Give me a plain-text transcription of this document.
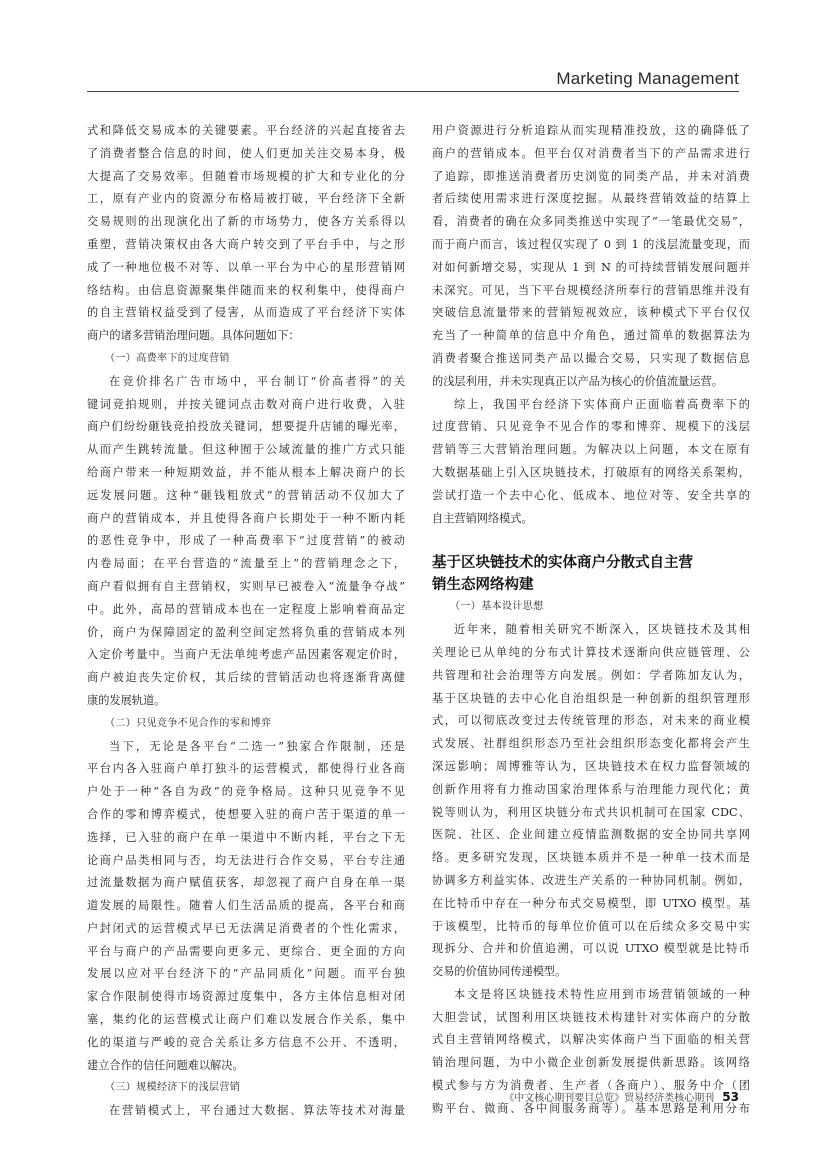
Marketing Management
式和降低交易成本的关键要素。平台经济的兴起直接省去
了消费者整合信息的时间，使人们更加关注交易本身，极
大提高了交易效率。但随着市场规模的扩大和专业化的分
工，原有产业内的资源分布格局被打破，平台经济下全新
交易规则的出现演化出了新的市场势力，使各方关系得以
重塑，营销决策权由各大商户转交到了平台手中，与之形
成了一种地位极不对等、以单一平台为中心的星形营销网
络结构。由信息资源聚集伴随而来的权利集中，使得商户
的自主营销权益受到了侵害，从而造成了平台经济下实体
商户的诸多营销治理问题。具体问题如下：
（一）高费率下的过度营销
在竞价排名广告市场中，平台制订“价高者得”的关
键词竞拍规则，并按关键词点击数对商户进行收费，入驻
商户们纷纷砸钱竞拍投放关键词，想要提升店铺的曝光率，
从而产生跳转流量。但这种囿于公域流量的推广方式只能
给商户带来一种短期效益，并不能从根本上解决商户的长
远发展问题。这种“砸钱粗放式”的营销活动不仅加大了
商户的营销成本，并且使得各商户长期处于一种不断内耗
的恶性竞争中，形成了一种高费率下“过度营销”的被动
内卷局面；在平台营造的“流量至上”的营销理念之下，
商户看似拥有自主营销权，实则早已被卷入“流量争夺战”
中。此外，高昂的营销成本也在一定程度上影响着商品定
价，商户为保障固定的盈利空间定然将负重的营销成本列
入定价考量中。当商户无法单纯考虑产品因素客观定价时，
商户被迫丧失定价权，其后续的营销活动也将逐渐背离健
康的发展轨道。
（二）只见竞争不见合作的零和博弈
当下，无论是各平台“二选一”独家合作限制，还是
平台内各入驻商户单打独斗的运营模式，都使得行业各商
户处于一种“各自为政”的竞争格局。这种只见竞争不见
合作的零和博弈模式，使想要入驻的商户苦于渠道的单一
选择，已入驻的商户在单一渠道中不断内耗，平台之下无
论商户品类相同与否，均无法进行合作交易，平台专注通
过流量数据为商户赋值获客，却忽视了商户自身在单一渠
道发展的局限性。随着人们生活品质的提高，各平台和商
户封闭式的运营模式早已无法满足消费者的个性化需求，
平台与商户的产品需要向更多元、更综合、更全面的方向
发展以应对平台经济下的“产品同质化”问题。而平台独
家合作限制使得市场资源过度集中，各方主体信息相对闭
塞，集约化的运营模式让商户们难以发展合作关系，集中
化的渠道与严峻的竞合关系让多方信息不公开、不透明，
建立合作的信任问题难以解决。
（三）规模经济下的浅层营销
在营销模式上，平台通过大数据、算法等技术对海量
用户资源进行分析追踪从而实现精准投放，这的确降低了
商户的营销成本。但平台仅对消费者当下的产品需求进行
了追踪，即推送消费者历史浏览的同类产品，并未对消费
者后续使用需求进行深度挖掘。从最终营销效益的结算上
看，消费者的确在众多同类推送中实现了“一笔最优交易”，
而于商户而言，该过程仅实现了 0 到 1 的浅层流量变现，而
对如何新增交易，实现从 1 到 N 的可持续营销发展问题并
未深究。可见，当下平台规模经济所奉行的营销思维并没有
突破信息流量带来的营销短视效应，该种模式下平台仅仅
充当了一种简单的信息中介角色，通过简单的数据算法为
消费者聚合推送同类产品以撮合交易，只实现了数据信息
的浅层利用，并未实现真正以产品为核心的价值流量运营。
综上，我国平台经济下实体商户正面临着高费率下的
过度营销、只见竞争不见合作的零和博弈、规模下的浅层
营销等三大营销治理问题。为解决以上问题，本文在原有
大数据基础上引入区块链技术，打破原有的网络关系架构，
尝试打造一个去中心化、低成本、地位对等、安全共享的
自主营销网络模式。
基于区块链技术的实体商户分散式自主营
销生态网络构建
（一）基本设计思想
近年来，随着相关研究不断深入，区块链技术及其相
关理论已从单纯的分布式计算技术逐渐向供应链管理、公
共管理和社会治理等方向发展。例如：学者陈加友认为，
基于区块链的去中心化自治组织是一种创新的组织管理形
式，可以彻底改变过去传统管理的形态，对未来的商业模
式发展、社群组织形态乃至社会组织形态变化都将会产生
深远影响；周博雅等认为，区块链技术在权力监督领域的
创新作用将有力推动国家治理体系与治理能力现代化；黄
锐等则认为，利用区块链分布式共识机制可在国家 CDC、
医院、社区、企业间建立疫情监测数据的安全协同共享网
络。更多研究发现，区块链本质并不是一种单一技术而是
协调多方利益实体、改进生产关系的一种协同机制。例如，
在比特币中存在一种分布式交易模型，即 UTXO 模型。基
于该模型，比特币的每单位价值可以在后续众多交易中实
现拆分、合并和价值追溯，可以说 UTXO 模型就是比特币
交易的价值协同传递模型。
本文是将区块链技术特性应用到市场营销领域的一种
大胆尝试，试图利用区块链技术构建针对实体商户的分散
式自主营销网络模式，以解决实体商户当下面临的相关营
销治理问题，为中小微企业创新发展提供新思路。该网络
模式参与方为消费者、生产者（各商户）、服务中介（团
购平台、微商、各中间服务商等）。基本思路是利用分布
《中文核心期刊要目总览》贸易经济类核心期刊 53
